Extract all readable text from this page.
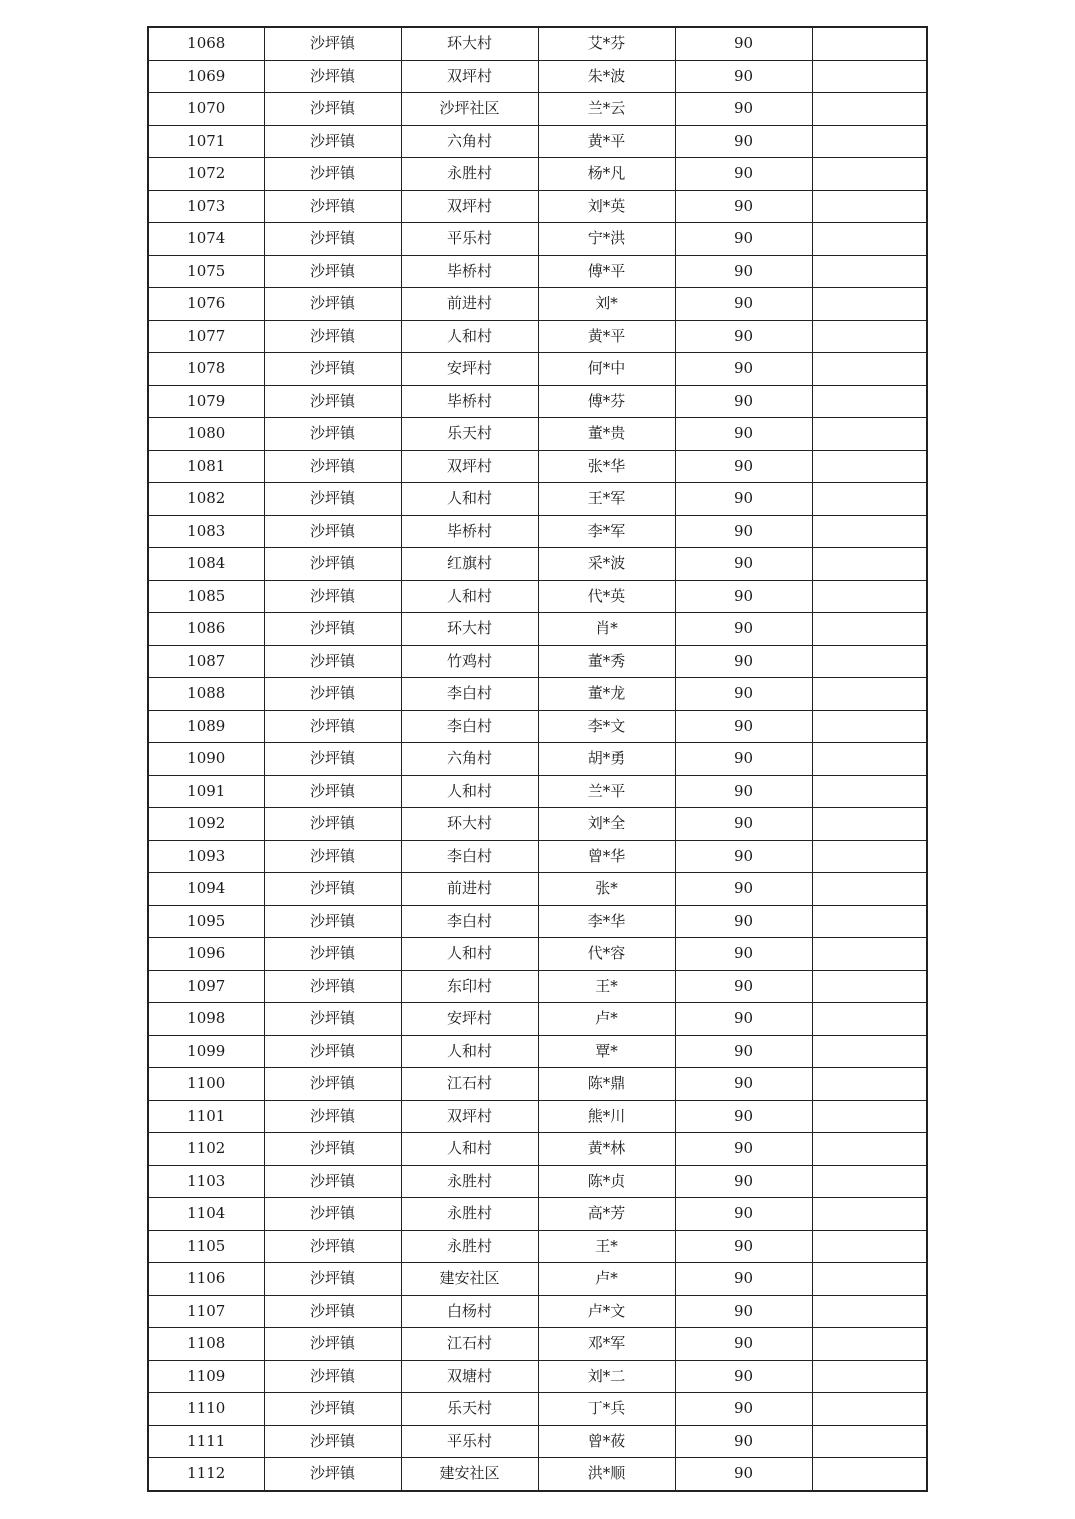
1068	沙坪镇	环大村	艾*芬	90	
1069	沙坪镇	双坪村	朱*波	90	
1070	沙坪镇	沙坪社区	兰*云	90	
1071	沙坪镇	六角村	黄*平	90	
1072	沙坪镇	永胜村	杨*凡	90	
1073	沙坪镇	双坪村	刘*英	90	
1074	沙坪镇	平乐村	宁*洪	90	
1075	沙坪镇	毕桥村	傅*平	90	
1076	沙坪镇	前进村	刘*	90	
1077	沙坪镇	人和村	黄*平	90	
1078	沙坪镇	安坪村	何*中	90	
1079	沙坪镇	毕桥村	傅*芬	90	
1080	沙坪镇	乐天村	董*贵	90	
1081	沙坪镇	双坪村	张*华	90	
1082	沙坪镇	人和村	王*军	90	
1083	沙坪镇	毕桥村	李*军	90	
1084	沙坪镇	红旗村	采*波	90	
1085	沙坪镇	人和村	代*英	90	
1086	沙坪镇	环大村	肖*	90	
1087	沙坪镇	竹鸡村	董*秀	90	
1088	沙坪镇	李白村	董*龙	90	
1089	沙坪镇	李白村	李*文	90	
1090	沙坪镇	六角村	胡*勇	90	
1091	沙坪镇	人和村	兰*平	90	
1092	沙坪镇	环大村	刘*全	90	
1093	沙坪镇	李白村	曾*华	90	
1094	沙坪镇	前进村	张*	90	
1095	沙坪镇	李白村	李*华	90	
1096	沙坪镇	人和村	代*容	90	
1097	沙坪镇	东印村	王*	90	
1098	沙坪镇	安坪村	卢*	90	
1099	沙坪镇	人和村	覃*	90	
1100	沙坪镇	江石村	陈*鼎	90	
1101	沙坪镇	双坪村	熊*川	90	
1102	沙坪镇	人和村	黄*林	90	
1103	沙坪镇	永胜村	陈*贞	90	
1104	沙坪镇	永胜村	高*芳	90	
1105	沙坪镇	永胜村	王*	90	
1106	沙坪镇	建安社区	卢*	90	
1107	沙坪镇	白杨村	卢*文	90	
1108	沙坪镇	江石村	邓*军	90	
1109	沙坪镇	双塘村	刘*二	90	
1110	沙坪镇	乐天村	丁*兵	90	
1111	沙坪镇	平乐村	曾*莜	90	
1112	沙坪镇	建安社区	洪*顺	90	
